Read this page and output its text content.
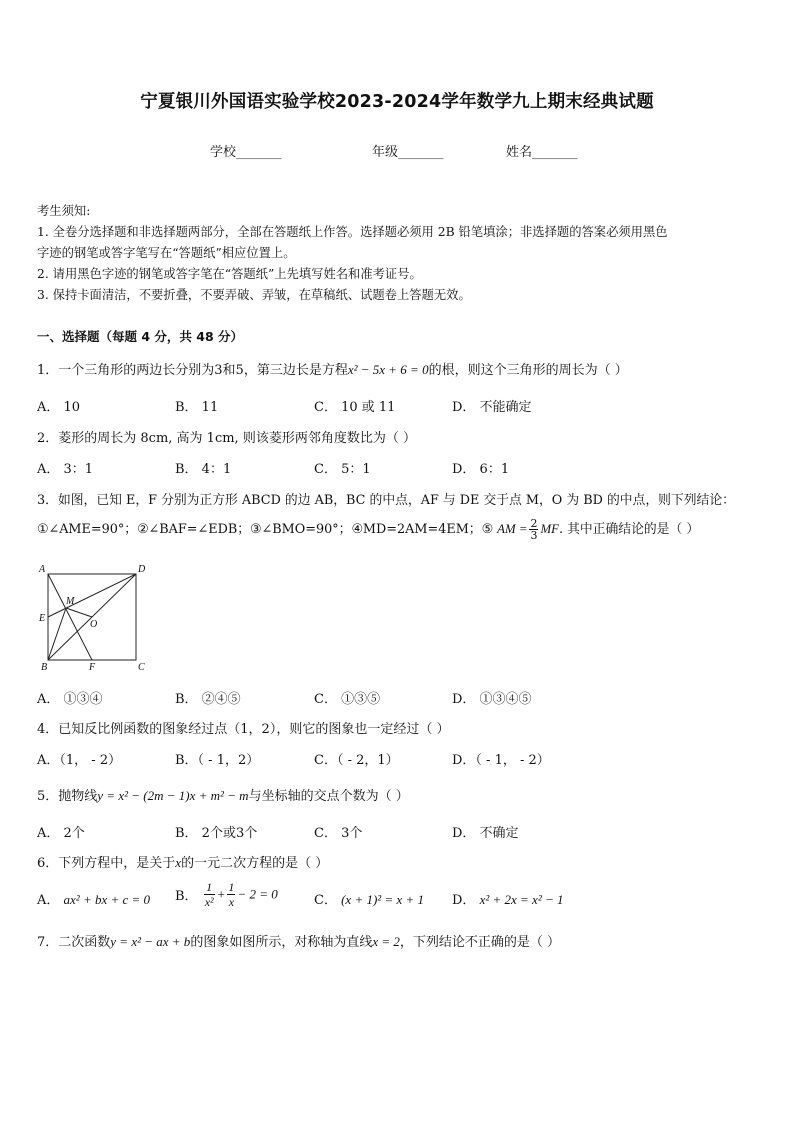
宁夏银川外国语实验学校2023-2024学年数学九上期末经典试题
学校_______	年级_______	姓名_______
考生须知:
1. 全卷分选择题和非选择题两部分，全部在答题纸上作答。选择题必须用 2B 铅笔填涂；非选择题的答案必须用黑色
字迹的钢笔或答字笔写在“答题纸”相应位置上。
2. 请用黑色字迹的钢笔或答字笔在“答题纸”上先填写姓名和准考证号。
3. 保持卡面清洁，不要折叠，不要弄破、弄皱，在草稿纸、试题卷上答题无效。
一、选择题（每题 4 分，共 48 分）
1．一个三角形的两边长分别为3和5，第三边长是方程x² − 5x + 6 = 0的根，则这个三角形的周长为（ ）
A． 10	B． 11	C． 10 或 11	D． 不能确定
2．菱形的周长为 8cm, 高为 1cm, 则该菱形两邻角度数比为（ ）
A． 3：1	B． 4：1	C． 5：1	D． 6：1
3．如图，已知 E，F 分别为正方形 ABCD 的边 AB，BC 的中点，AF 与 DE 交于点 M，O 为 BD 的中点，则下列结论：
①∠AME=90°；②∠BAF=∠EDB；③∠BMO=90°；④MD=2AM=4EM；⑤ AM = $\frac{2}{3}$ MF. 其中正确结论的是（ ）
A	D
M
E
O
B	F	C
A． ①③④	B． ②④⑤	C． ①③⑤	D． ①③④⑤
4．已知反比例函数的图象经过点（1，2），则它的图象也一定经过（ ）
A．（1， - 2）	B．（ - 1，2）	C．（ - 2，1）	D．（ - 1， - 2）
5．抛物线y = x² − (2m − 1)x + m² − m与坐标轴的交点个数为（ ）
A． 2个	B． 2个或3个	C． 3个	D． 不确定
6．下列方程中，是关于x的一元二次方程的是（ ）
A． ax² + bx + c = 0 B． $\frac{1}{\text{x²}} + \frac{1}{x} - 2 = 0$	C． (x + 1)² = x + 1 D． x² + 2x = x² − 1
7．二次函数y = x² − ax + b的图象如图所示，对称轴为直线x = 2，下列结论不正确的是（ ）
